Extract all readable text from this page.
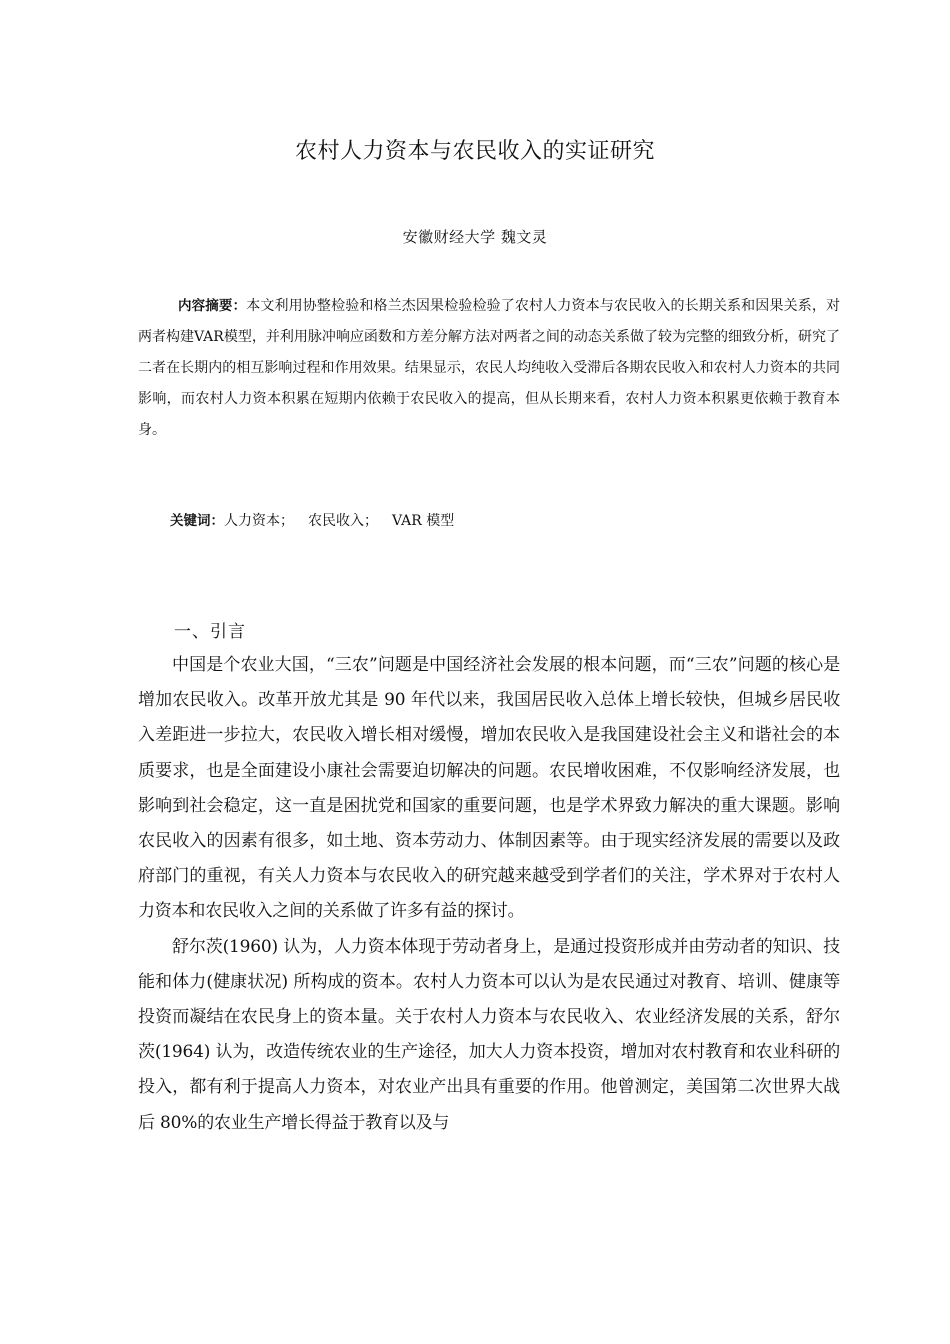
农村人力资本与农民收入的实证研究
安徽财经大学 魏文灵

内容摘要：本文利用协整检验和格兰杰因果检验检验了农村人力资本与农民收入的长期关系和因果关系，对两者构建VAR模型，并利用脉冲响应函数和方差分解方法对两者之间的动态关系做了较为完整的细致分析，研究了二者在长期内的相互影响过程和作用效果。结果显示，农民人均纯收入受滞后各期农民收入和农村人力资本的共同影响，而农村人力资本积累在短期内依赖于农民收入的提高，但从长期来看，农村人力资本积累更依赖于教育本身。

关键词：人力资本； 农民收入； VAR 模型
一、引言

中国是个农业大国，“三农”问题是中国经济社会发展的根本问题，而“三农”问题的核心是增加农民收入。改革开放尤其是 90 年代以来，我国居民收入总体上增长较快，但城乡居民收入差距进一步拉大，农民收入增长相对缓慢，增加农民收入是我国建设社会主义和谐社会的本质要求，也是全面建设小康社会需要迫切解决的问题。农民增收困难，不仅影响经济发展，也影响到社会稳定，这一直是困扰党和国家的重要问题，也是学术界致力解决的重大课题。影响农民收入的因素有很多，如土地、资本劳动力、体制因素等。由于现实经济发展的需要以及政府部门的重视，有关人力资本与农民收入的研究越来越受到学者们的关注，学术界对于农村人力资本和农民收入之间的关系做了许多有益的探讨。

舒尔茨(1960) 认为，人力资本体现于劳动者身上，是通过投资形成并由劳动者的知识、技能和体力(健康状况) 所构成的资本。农村人力资本可以认为是农民通过对教育、培训、健康等投资而凝结在农民身上的资本量。关于农村人力资本与农民收入、农业经济发展的关系，舒尔茨(1964) 认为，改造传统农业的生产途径，加大人力资本投资，增加对农村教育和农业科研的投入，都有利于提高人力资本，对农业产出具有重要的作用。他曾测定，美国第二次世界大战后 80%的农业生产增长得益于教育以及与
